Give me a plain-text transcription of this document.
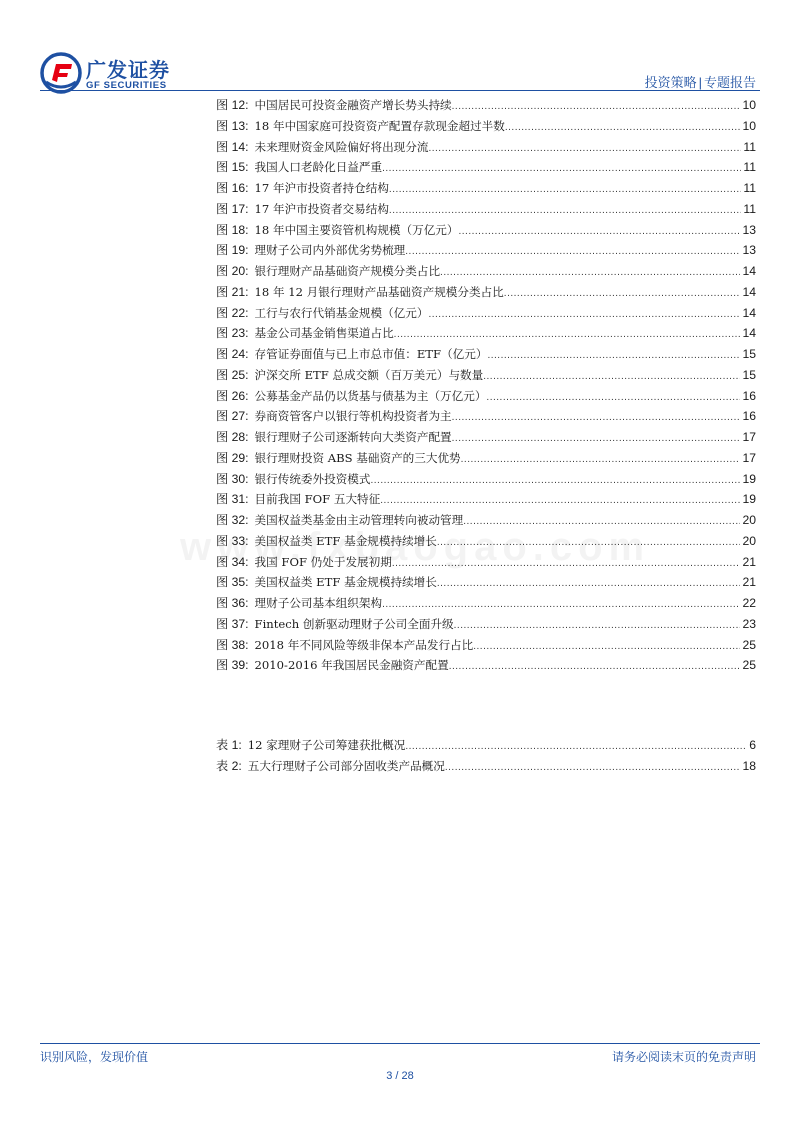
广发证券
GF SECURITIES	投资策略 | 专题报告
图 12: 中国居民可投资金融资产增长势头持续 .....	10
图 13: 18 年中国家庭可投资资产配置存款现金超过半数 .....	10
图 14: 未来理财资金风险偏好将出现分流 .....	11
图 15: 我国人口老龄化日益严重 .....	11
图 16: 17 年沪市投资者持仓结构 .....	11
图 17: 17 年沪市投资者交易结构 .....	11
图 18: 18 年中国主要资管机构规模（万亿元） .....	13
图 19: 理财子公司内外部优劣势梳理 .....	13
图 20: 银行理财产品基础资产规模分类占比 .....	14
图 21: 18 年 12 月银行理财产品基础资产规模分类占比 .....	14
图 22: 工行与农行代销基金规模（亿元） .....	14
图 23: 基金公司基金销售渠道占比 .....	14
图 24: 存管证券面值与已上市总市值：ETF（亿元） .....	15
图 25: 沪深交所 ETF 总成交额（百万美元）与数量 .....	15
图 26: 公募基金产品仍以货基与债基为主（万亿元） .....	16
图 27: 券商资管客户以银行等机构投资者为主 .....	16
图 28: 银行理财子公司逐渐转向大类资产配置 .....	17
图 29: 银行理财投资 ABS 基础资产的三大优势 .....	17
图 30: 银行传统委外投资模式 .....	19
图 31: 目前我国 FOF 五大特征 .....	19
图 32: 美国权益类基金由主动管理转向被动管理 .....	20
图 33: 美国权益类 ETF 基金规模持续增长 .....	20
图 34: 我国 FOF 仍处于发展初期 .....	21
图 35: 美国权益类 ETF 基金规模持续增长 .....	21
图 36: 理财子公司基本组织架构 .....	22
图 37: Fintech 创新驱动理财子公司全面升级 .....	23
图 38: 2018 年不同风险等级非保本产品发行占比 .....	25
图 39: 2010-2016 年我国居民金融资产配置 .....	25
表 1: 12 家理财子公司筹建获批概况 .....	6
表 2: 五大行理财子公司部分固收类产品概况 .....	18
识别风险，发现价值	请务必阅读末页的免责声明
3 / 28
